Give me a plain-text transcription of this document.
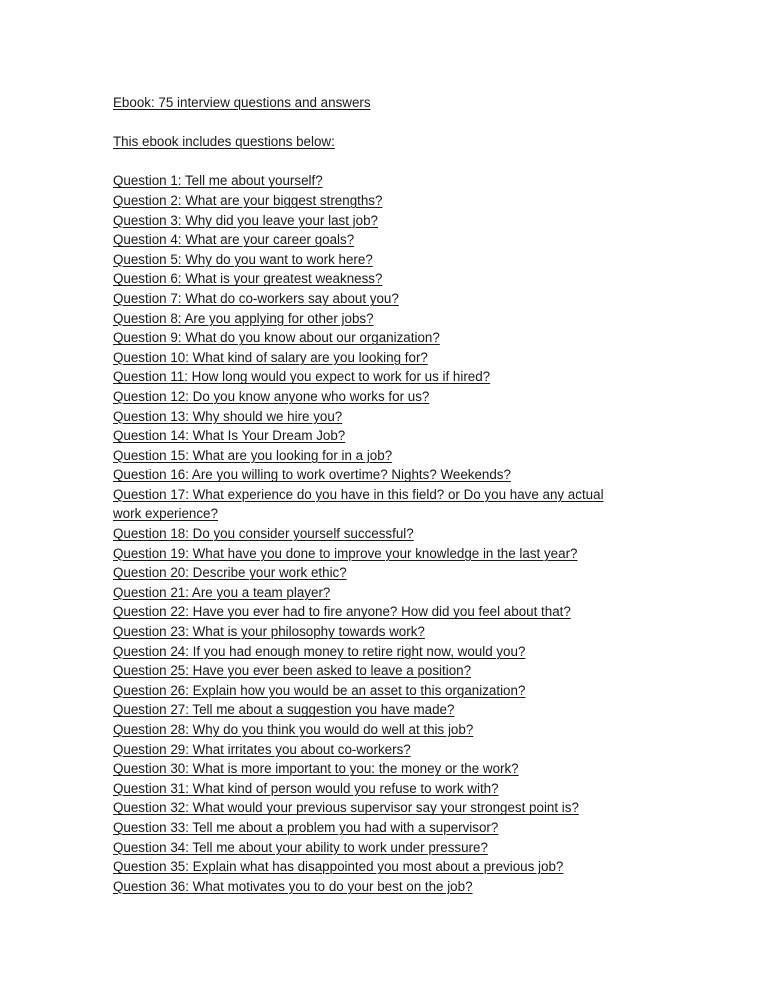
Ebook: 75 interview questions and answers
This ebook includes questions below:
Question 1: Tell me about yourself?
Question 2: What are your biggest strengths?
Question 3: Why did you leave your last job?
Question 4: What are your career goals?
Question 5: Why do you want to work here?
Question 6: What is your greatest weakness?
Question 7: What do co-workers say about you?
Question 8: Are you applying for other jobs?
Question 9: What do you know about our organization?
Question 10: What kind of salary are you looking for?
Question 11: How long would you expect to work for us if hired?
Question 12: Do you know anyone who works for us?
Question 13: Why should we hire you?
Question 14: What Is Your Dream Job?
Question 15: What are you looking for in a job?
Question 16: Are you willing to work overtime? Nights? Weekends?
Question 17: What experience do you have in this field? or Do you have any actual
work experience?
Question 18: Do you consider yourself successful?
Question 19: What have you done to improve your knowledge in the last year?
Question 20: Describe your work ethic?
Question 21: Are you a team player?
Question 22: Have you ever had to fire anyone? How did you feel about that?
Question 23: What is your philosophy towards work?
Question 24: If you had enough money to retire right now, would you?
Question 25: Have you ever been asked to leave a position?
Question 26: Explain how you would be an asset to this organization?
Question 27: Tell me about a suggestion you have made?
Question 28: Why do you think you would do well at this job?
Question 29: What irritates you about co-workers?
Question 30: What is more important to you: the money or the work?
Question 31: What kind of person would you refuse to work with?
Question 32: What would your previous supervisor say your strongest point is?
Question 33: Tell me about a problem you had with a supervisor?
Question 34: Tell me about your ability to work under pressure?
Question 35: Explain what has disappointed you most about a previous job?
Question 36: What motivates you to do your best on the job?
